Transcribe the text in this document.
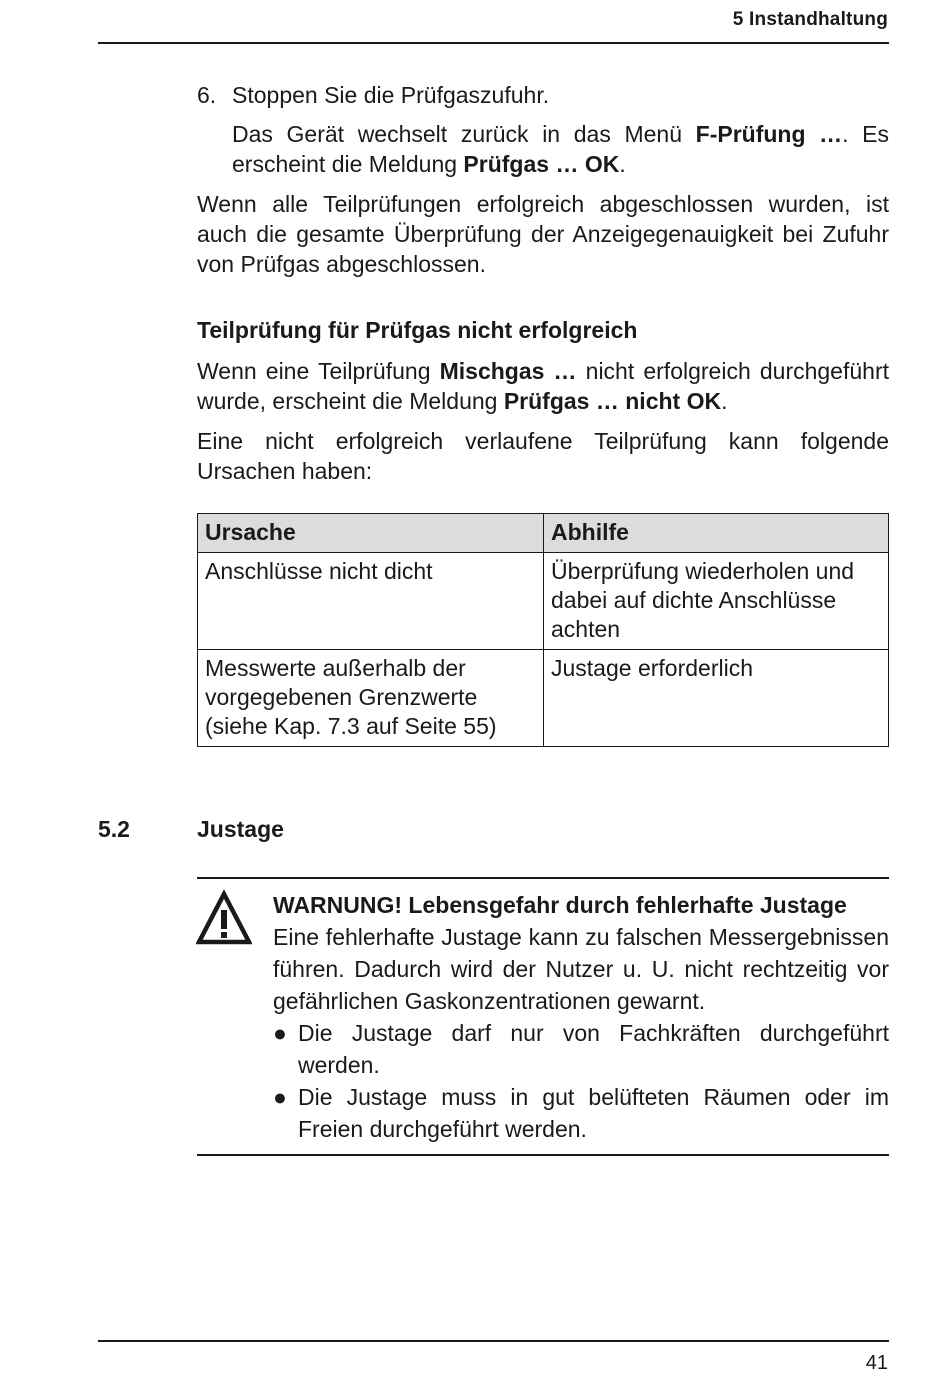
5 Instandhaltung
6. Stoppen Sie die Prüfgaszufuhr.
Das Gerät wechselt zurück in das Menü F-Prüfung …. Es erscheint die Meldung Prüfgas … OK.
Wenn alle Teilprüfungen erfolgreich abgeschlossen wurden, ist auch die gesamte Überprüfung der Anzeigegenauigkeit bei Zufuhr von Prüfgas abgeschlossen.
Teilprüfung für Prüfgas nicht erfolgreich
Wenn eine Teilprüfung Mischgas … nicht erfolgreich durchgeführt wurde, erscheint die Meldung Prüfgas … nicht OK.
Eine nicht erfolgreich verlaufene Teilprüfung kann folgende Ursachen haben:
Ursache	Abhilfe
Anschlüsse nicht dicht	Überprüfung wiederholen und dabei auf dichte Anschlüsse achten
Messwerte außerhalb der vorgegebenen Grenzwerte (siehe Kap. 7.3 auf Seite 55)	Justage erforderlich
5.2	Justage
WARNUNG! Lebensgefahr durch fehlerhafte Justage
Eine fehlerhafte Justage kann zu falschen Messergebnissen führen. Dadurch wird der Nutzer u. U. nicht rechtzeitig vor gefährlichen Gaskonzentrationen gewarnt.
● Die Justage darf nur von Fachkräften durchgeführt werden.
● Die Justage muss in gut belüfteten Räumen oder im Freien durchgeführt werden.
41
